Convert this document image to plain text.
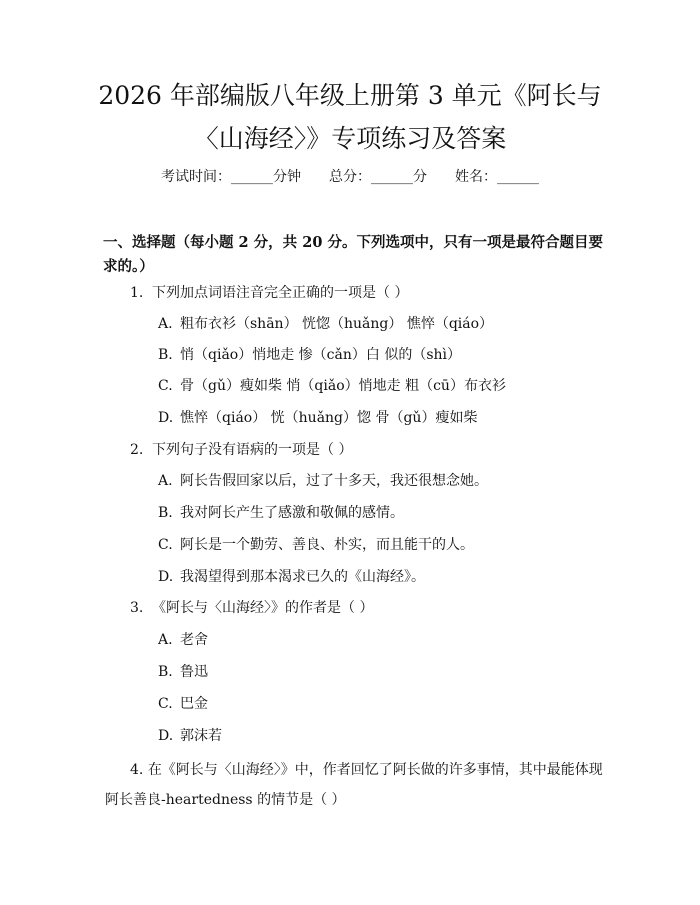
2026 年部编版八年级上册第 3 单元《阿长与
〈山海经〉》专项练习及答案
考试时间：______分钟 总分：______分 姓名：______
一、选择题（每小题 2 分，共 20 分。下列选项中，只有一项是最符合题目要求的。）
1. 下列加点词语注音完全正确的一项是（ ）
A. 粗布衣衫（shān） 恍惚（huǎng） 憔悴（qiáo）
B. 悄（qiǎo）悄地走 惨（cǎn）白 似的（shì）
C. 骨（gǔ）瘦如柴 悄（qiǎo）悄地走 粗（cū）布衣衫
D. 憔悴（qiáo） 恍（huǎng）惚 骨（gǔ）瘦如柴
2. 下列句子没有语病的一项是（ ）
A. 阿长告假回家以后，过了十多天，我还很想念她。
B. 我对阿长产生了感激和敬佩的感情。
C. 阿长是一个勤劳、善良、朴实，而且能干的人。
D. 我渴望得到那本渴求已久的《山海经》。
3. 《阿长与〈山海经〉》的作者是（ ）
A. 老舍
B. 鲁迅
C. 巴金
D. 郭沫若
4. 在《阿长与〈山海经〉》中，作者回忆了阿长做的许多事情，其中最能体现阿长善良-heartedness 的情节是（ ）
